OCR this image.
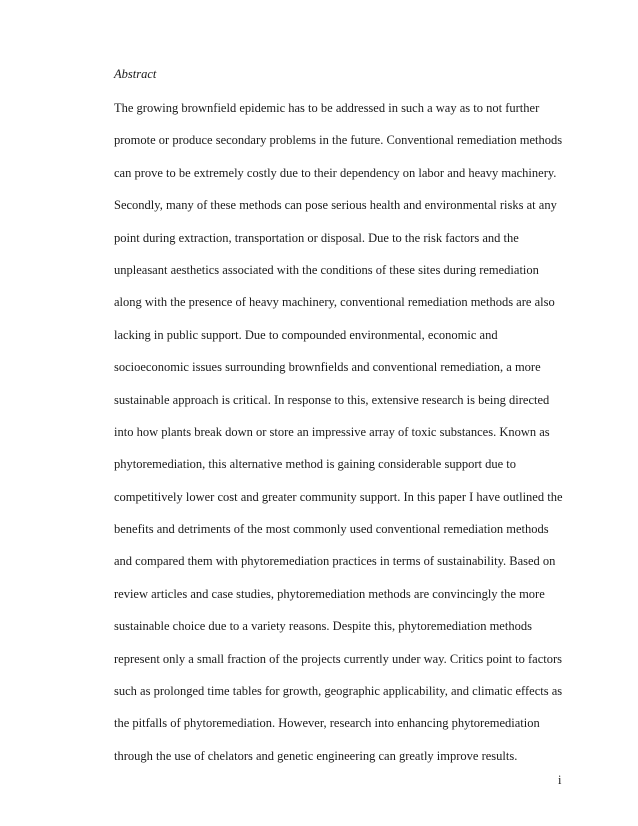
Abstract
The growing brownfield epidemic has to be addressed in such a way as to not further
promote or produce secondary problems in the future. Conventional remediation methods
can prove to be extremely costly due to their dependency on labor and heavy machinery.
Secondly, many of these methods can pose serious health and environmental risks at any
point during extraction, transportation or disposal. Due to the risk factors and the
unpleasant aesthetics associated with the conditions of these sites during remediation
along with the presence of heavy machinery, conventional remediation methods are also
lacking in public support. Due to compounded environmental, economic and
socioeconomic issues surrounding brownfields and conventional remediation, a more
sustainable approach is critical. In response to this, extensive research is being directed
into how plants break down or store an impressive array of toxic substances. Known as
phytoremediation, this alternative method is gaining considerable support due to
competitively lower cost and greater community support. In this paper I have outlined the
benefits and detriments of the most commonly used conventional remediation methods
and compared them with phytoremediation practices in terms of sustainability. Based on
review articles and case studies, phytoremediation methods are convincingly the more
sustainable choice due to a variety reasons. Despite this, phytoremediation methods
represent only a small fraction of the projects currently under way. Critics point to factors
such as prolonged time tables for growth, geographic applicability, and climatic effects as
the pitfalls of phytoremediation. However, research into enhancing phytoremediation
through the use of chelators and genetic engineering can greatly improve results.
i
